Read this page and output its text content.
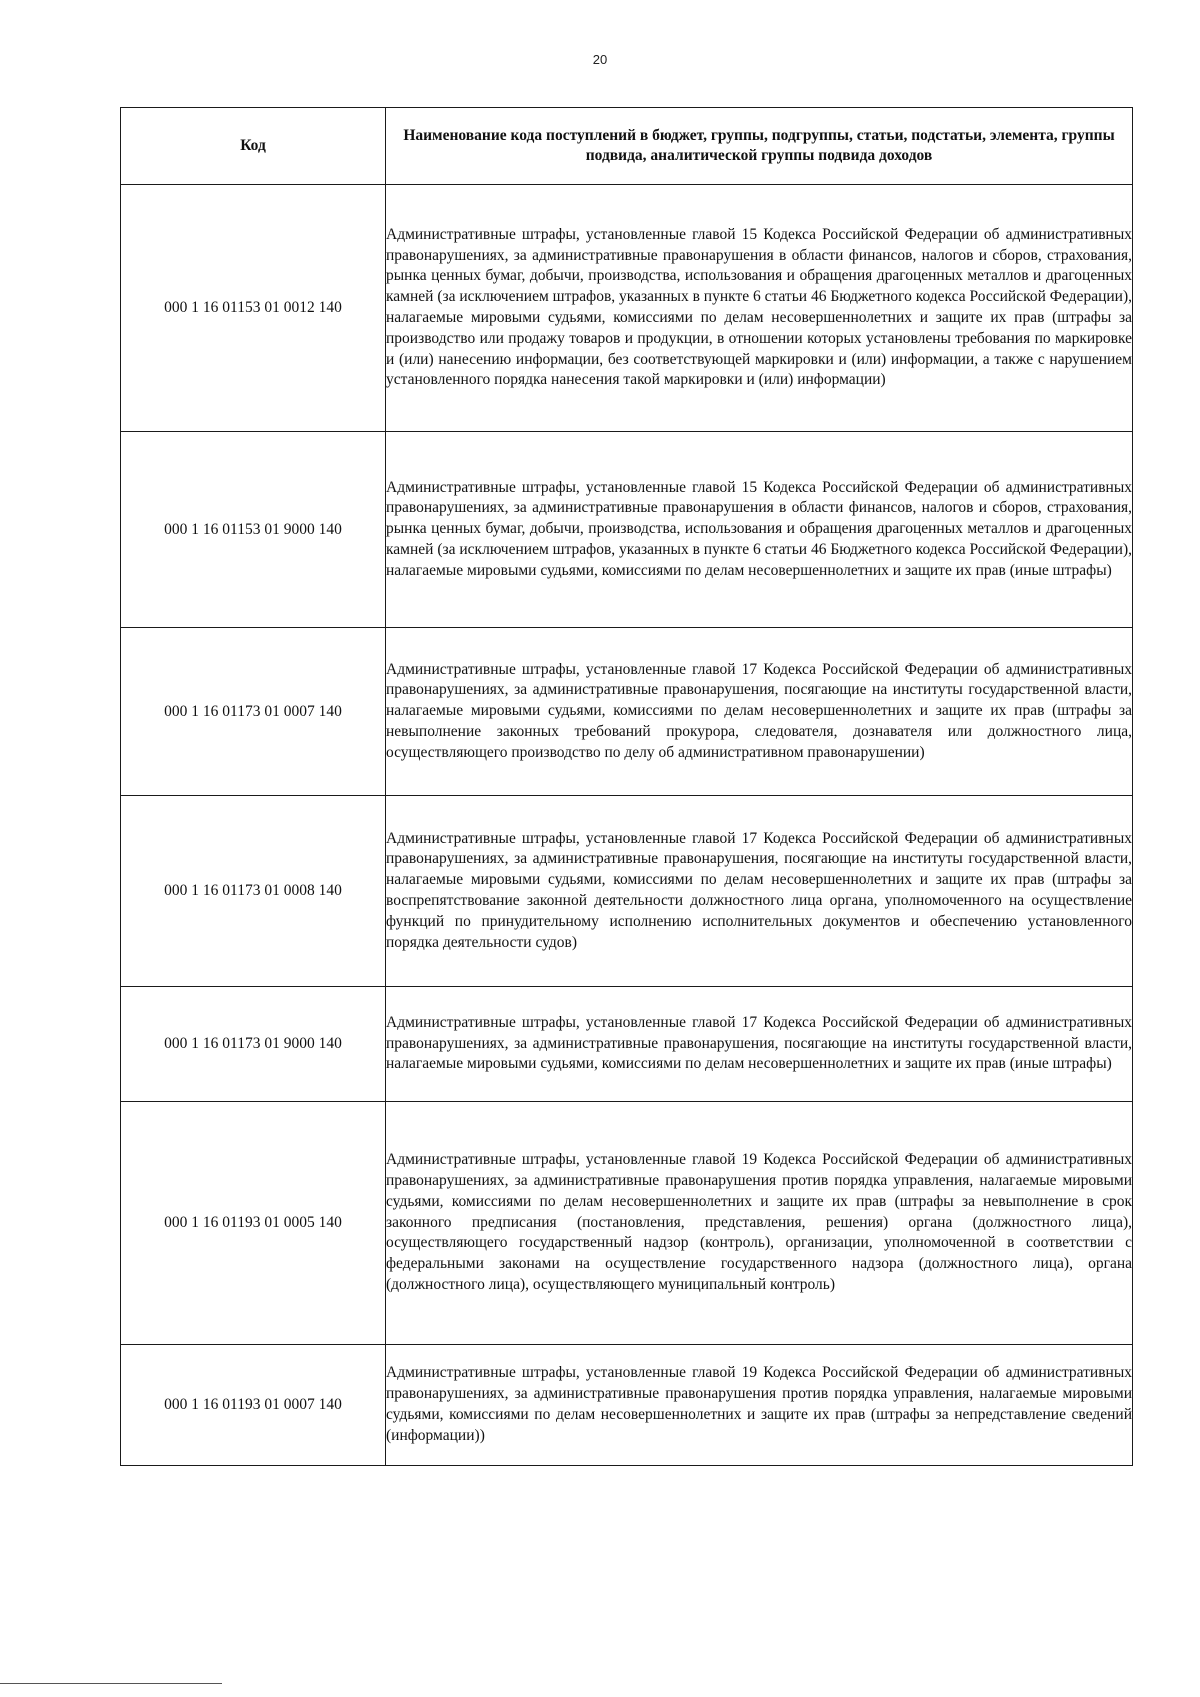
20
Код	Наименование кода поступлений в бюджет, группы, подгруппы, статьи, подстатьи, элемента, группы подвида, аналитической группы подвида доходов
000 1 16 01153 01 0012 140	Административные штрафы, установленные главой 15 Кодекса Российской Федерации об административных правонарушениях, за административные правонарушения в области финансов, налогов и сборов, страхования, рынка ценных бумаг, добычи, производства, использования и обращения драгоценных металлов и драгоценных камней (за исключением штрафов, указанных в пункте 6 статьи 46 Бюджетного кодекса Российской Федерации), налагаемые мировыми судьями, комиссиями по делам несовершеннолетних и защите их прав (штрафы за производство или продажу товаров и продукции, в отношении которых установлены требования по маркировке и (или) нанесению информации, без соответствующей маркировки и (или) информации, а также с нарушением установленного порядка нанесения такой маркировки и (или) информации)
000 1 16 01153 01 9000 140	Административные штрафы, установленные главой 15 Кодекса Российской Федерации об административных правонарушениях, за административные правонарушения в области финансов, налогов и сборов, страхования, рынка ценных бумаг, добычи, производства, использования и обращения драгоценных металлов и драгоценных камней (за исключением штрафов, указанных в пункте 6 статьи 46 Бюджетного кодекса Российской Федерации), налагаемые мировыми судьями, комиссиями по делам несовершеннолетних и защите их прав (иные штрафы)
000 1 16 01173 01 0007 140	Административные штрафы, установленные главой 17 Кодекса Российской Федерации об административных правонарушениях, за административные правонарушения, посягающие на институты государственной власти, налагаемые мировыми судьями, комиссиями по делам несовершеннолетних и защите их прав (штрафы за невыполнение законных требований прокурора, следователя, дознавателя или должностного лица, осуществляющего производство по делу об административном правонарушении)
000 1 16 01173 01 0008 140	Административные штрафы, установленные главой 17 Кодекса Российской Федерации об административных правонарушениях, за административные правонарушения, посягающие на институты государственной власти, налагаемые мировыми судьями, комиссиями по делам несовершеннолетних и защите их прав (штрафы за воспрепятствование законной деятельности должностного лица органа, уполномоченного на осуществление функций по принудительному исполнению исполнительных документов и обеспечению установленного порядка деятельности судов)
000 1 16 01173 01 9000 140	Административные штрафы, установленные главой 17 Кодекса Российской Федерации об административных правонарушениях, за административные правонарушения, посягающие на институты государственной власти, налагаемые мировыми судьями, комиссиями по делам несовершеннолетних и защите их прав (иные штрафы)
000 1 16 01193 01 0005 140	Административные штрафы, установленные главой 19 Кодекса Российской Федерации об административных правонарушениях, за административные правонарушения против порядка управления, налагаемые мировыми судьями, комиссиями по делам несовершеннолетних и защите их прав (штрафы за невыполнение в срок законного предписания (постановления, представления, решения) органа (должностного лица), осуществляющего государственный надзор (контроль), организации, уполномоченной в соответствии с федеральными законами на осуществление государственного надзора (должностного лица), органа (должностного лица), осуществляющего муниципальный контроль)
000 1 16 01193 01 0007 140	Административные штрафы, установленные главой 19 Кодекса Российской Федерации об административных правонарушениях, за административные правонарушения против порядка управления, налагаемые мировыми судьями, комиссиями по делам несовершеннолетних и защите их прав (штрафы за непредставление сведений (информации))
